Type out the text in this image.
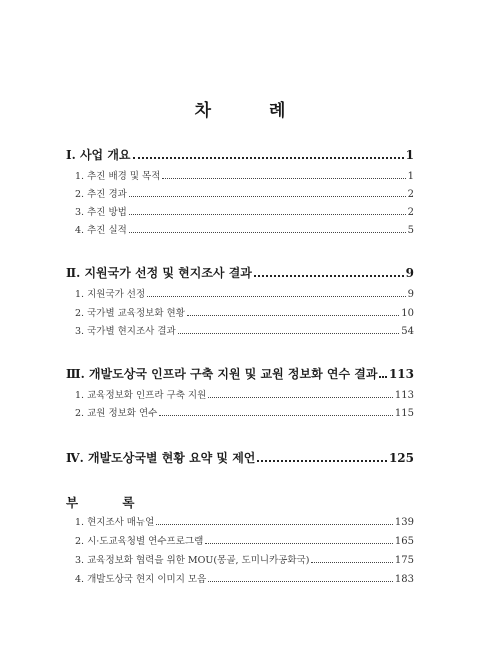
차 례
Ⅰ. 사업 개요	1
1. 추진 배경 및 목적	1
2. 추진 경과	2
3. 추진 방법	2
4. 추진 실적	5
Ⅱ. 지원국가 선정 및 현지조사 결과	9
1. 지원국가 선정	9
2. 국가별 교육정보화 현황	10
3. 국가별 현지조사 결과	54
Ⅲ. 개발도상국 인프라 구축 지원 및 교원 정보화 연수 결과 113
1. 교육정보화 인프라 구축 지원	113
2. 교원 정보화 연수	115
Ⅳ. 개발도상국별 현황 요약 및 제언	125
1. 현지조사 매뉴얼	139
2. 시·도교육청별 연수프로그램	165
3. 교육정보화 협력을 위한 MOU(몽골, 도미니카공화국)	175
4. 개발도상국 현지 이미지 모음	183
부 록
